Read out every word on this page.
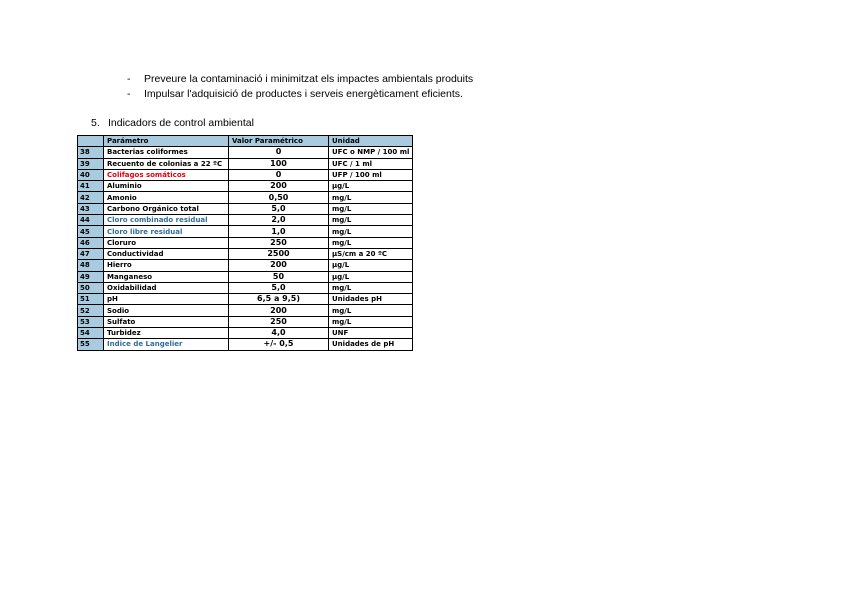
-	Preveure la contaminació i minimitzat els impactes ambientals produits
-	Impulsar l'adquisició de productes i serveis energèticament eficients.
5. Indicadors de control ambiental
	Parámetro	Valor Paramétrico	Unidad
38	Bacterias coliformes	0	UFC o NMP / 100 ml
39	Recuento de colonias a 22 ºC	100	UFC / 1 ml
40	Colifagos somáticos	0	UFP / 100 ml
41	Aluminio	200	µg/L
42	Amonio	0,50	mg/L
43	Carbono Orgánico total	5,0	mg/L
44	Cloro combinado residual	2,0	mg/L
45	Cloro libre residual	1,0	mg/L
46	Cloruro	250	mg/L
47	Conductividad	2500	µS/cm a 20 ºC
48	Hierro	200	µg/L
49	Manganeso	50	µg/L
50	Oxidabilidad	5,0	mg/L
51	pH	6,5 a 9,5)	Unidades pH
52	Sodio	200	mg/L
53	Sulfato	250	mg/L
54	Turbidez	4,0	UNF
55	Índice de Langelier	+/- 0,5	Unidades de pH
